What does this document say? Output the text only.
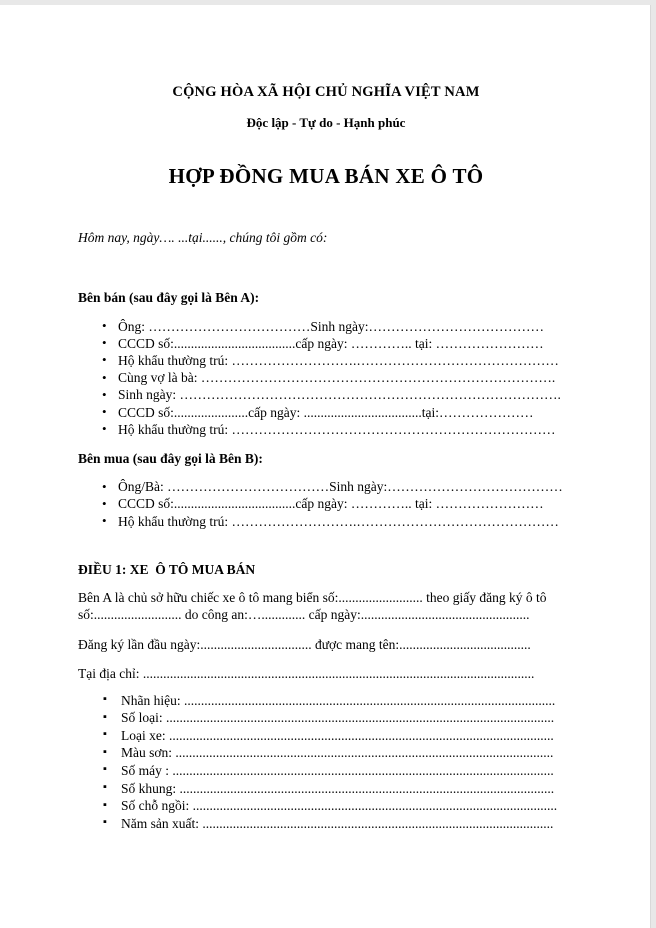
CỘNG HÒA XÃ HỘI CHỦ NGHĨA VIỆT NAM
Độc lập - Tự do - Hạnh phúc
HỢP ĐỒNG MUA BÁN XE Ô TÔ
Hôm nay, ngày…. ...tại......, chúng tôi gồm có:
Bên bán (sau đây gọi là Bên A):
• Ông: ………………………………Sinh ngày:…………………………………
• CCCD số:....................................cấp ngày: ………….. tại: ……………………
• Hộ khẩu thường trú: ……………………….………………………………………
• Cùng vợ là bà: …………………………………………………………………….
• Sinh ngày: ………………………………………………………………………….
• CCCD số:......................cấp ngày: ...................................tại:…………………
• Hộ khẩu thường trú: ………………………………………………………………
Bên mua (sau đây gọi là Bên B):
• Ông/Bà: ………………………………Sinh ngày:…………………………………
• CCCD số:....................................cấp ngày: ………….. tại: ……………………
• Hộ khẩu thường trú: ……………………….………………………………………
ĐIỀU 1: XE  Ô TÔ MUA BÁN
Bên A là chủ sở hữu chiếc xe ô tô mang biển số:......................... theo giấy đăng ký ô tô
số:.......................... do công an:…............. cấp ngày:..................................................
Đăng ký lần đầu ngày:................................. được mang tên:.......................................
Tại địa chỉ: ....................................................................................................................
▪ Nhãn hiệu: ..............................................................................................................
▪ Số loại: ...................................................................................................................
▪ Loại xe: ..................................................................................................................
▪ Màu sơn: ................................................................................................................
▪ Số máy : .................................................................................................................
▪ Số khung: ...............................................................................................................
▪ Số chỗ ngồi: ............................................................................................................
▪ Năm sản xuất: ........................................................................................................
